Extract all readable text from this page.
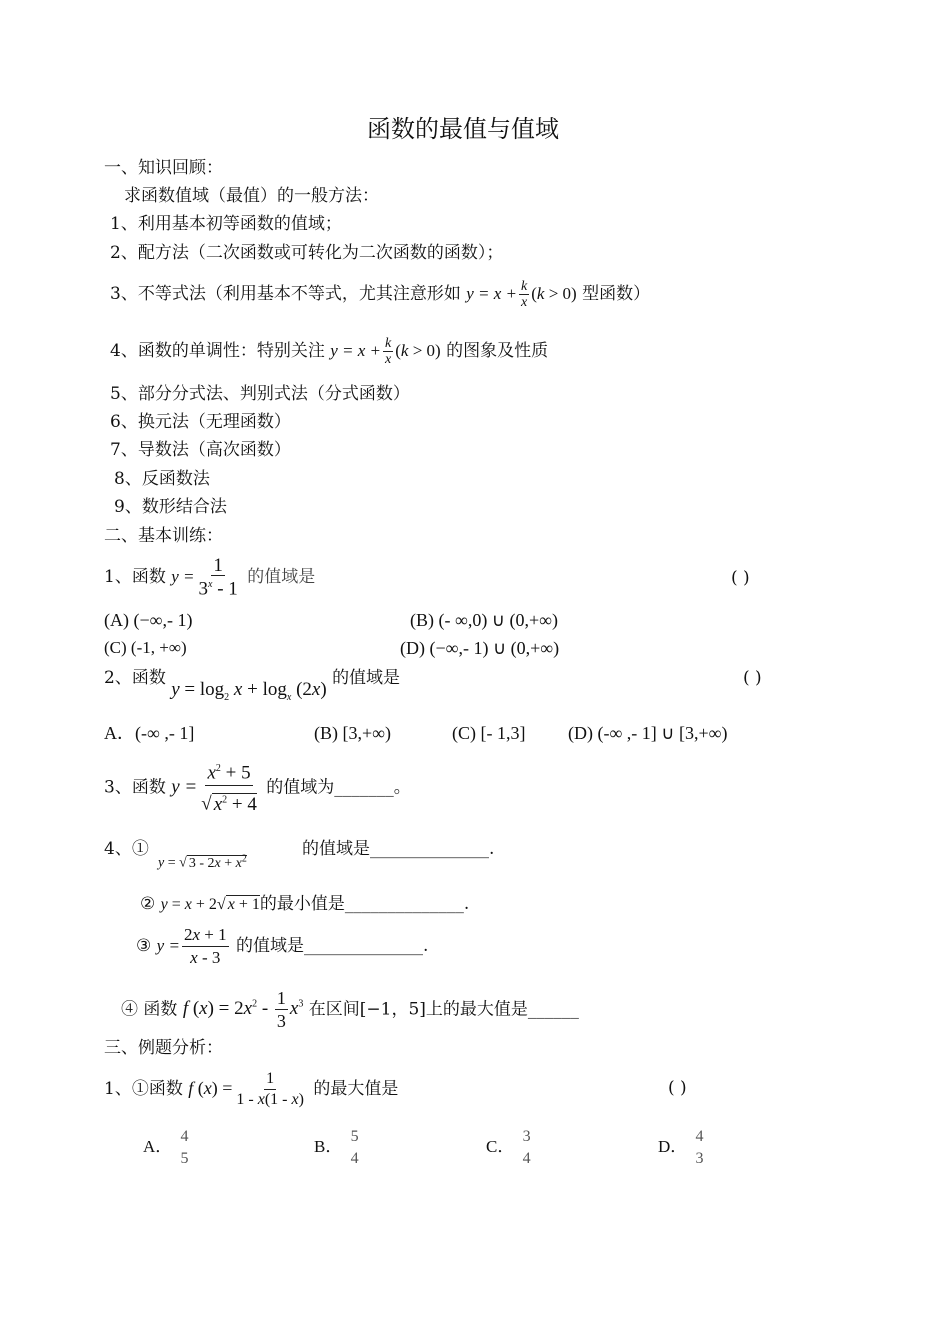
函数的最值与值域
一、知识回顾：
求函数值域（最值）的一般方法：
1、利用基本初等函数的值域；
2、配方法（二次函数或可转化为二次函数的函数）；
3、不等式法（利用基本不等式，尤其注意形如 $y = x + \frac{k}{x} (k > 0)$ 型函数）
4、函数的单调性：特别关注 $y = x + \frac{k}{x} (k > 0)$ 的图象及性质
5、部分分式法、判别式法（分式函数）
6、换元法（无理函数）
7、导数法（高次函数）
8、反函数法
9、数形结合法
二、基本训练：
1、函数 $y = \frac{1}{3^x - 1}$ 的值域是	( )
(A) (−∞,- 1)	(B) (- ∞,0) ∪ (0,+∞)
(C) (-1, +∞)	(D) (−∞,- 1) ∪ (0,+∞)
2、函数 $y = \log_2 x + \log_x (2x)$ 的值域是	( )
A．(-∞ ,- 1]	(B) [3,+∞)	(C) [- 1,3] (D) (-∞ ,- 1] ∪ [3,+∞)
3、函数 $y = \frac{x^2 + 5}{√ x^2 + 4}$ 的值域为_______。
4、①
y = √ $3 - 2x + x^2$	的值域是______________.
② y = x + 2√ x + 1的最小值是______________.
③ $y = \frac{2x + 1}{x - 3}$ 的值域是______________.
④ 函数 f $(x) = 2x^2 - \frac{1}{3} x^3$ 在区间[−1，5]上的最大值是______
三、例题分析：
1、①函数 f $(x) = \frac{1}{1 - x(1 - x)}$ 的最大值是	( )
A．
4
5
B．
5
4
C．
3
4
D．
4
3
